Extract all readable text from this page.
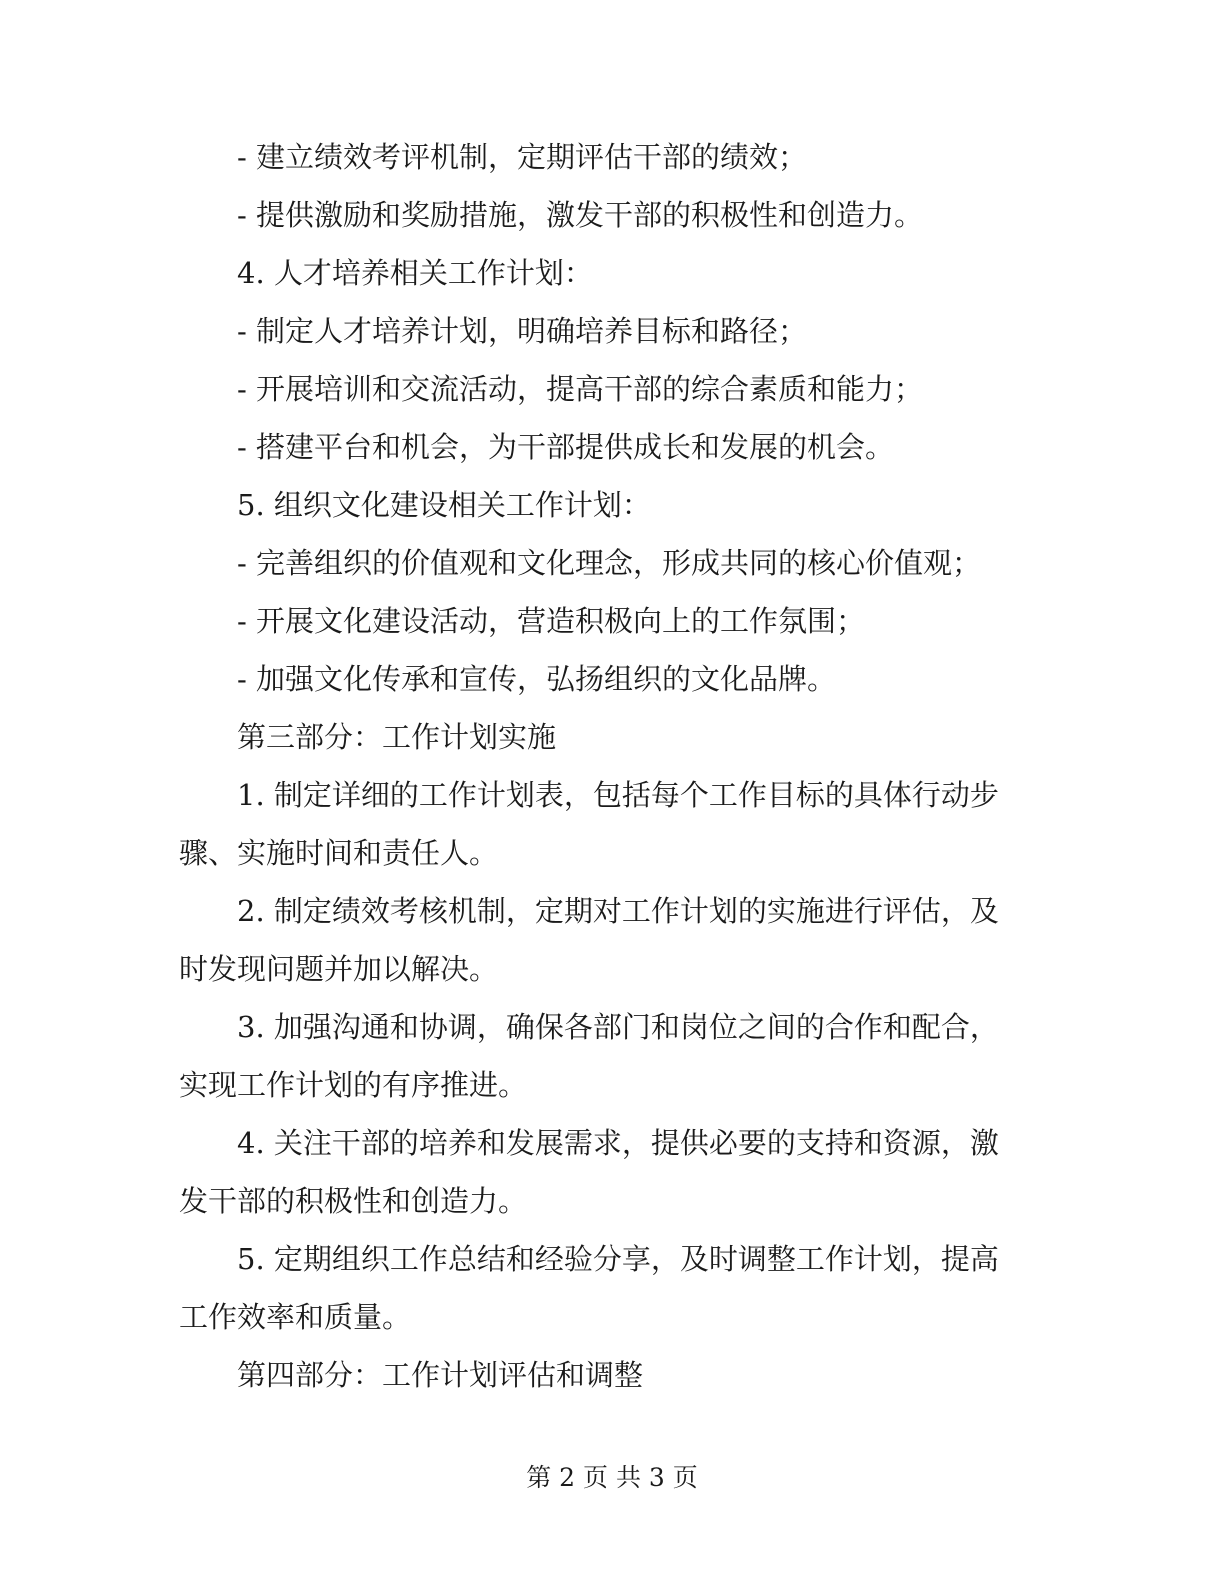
- 建立绩效考评机制，定期评估干部的绩效；
- 提供激励和奖励措施，激发干部的积极性和创造力。
4. 人才培养相关工作计划：
- 制定人才培养计划，明确培养目标和路径；
- 开展培训和交流活动，提高干部的综合素质和能力；
- 搭建平台和机会，为干部提供成长和发展的机会。
5. 组织文化建设相关工作计划：
- 完善组织的价值观和文化理念，形成共同的核心价值观；
- 开展文化建设活动，营造积极向上的工作氛围；
- 加强文化传承和宣传，弘扬组织的文化品牌。
第三部分：工作计划实施
1. 制定详细的工作计划表，包括每个工作目标的具体行动步
骤、实施时间和责任人。
2. 制定绩效考核机制，定期对工作计划的实施进行评估，及
时发现问题并加以解决。
3. 加强沟通和协调，确保各部门和岗位之间的合作和配合，
实现工作计划的有序推进。
4. 关注干部的培养和发展需求，提供必要的支持和资源，激
发干部的积极性和创造力。
5. 定期组织工作总结和经验分享，及时调整工作计划，提高
工作效率和质量。
第四部分：工作计划评估和调整
第 2 页 共 3 页
